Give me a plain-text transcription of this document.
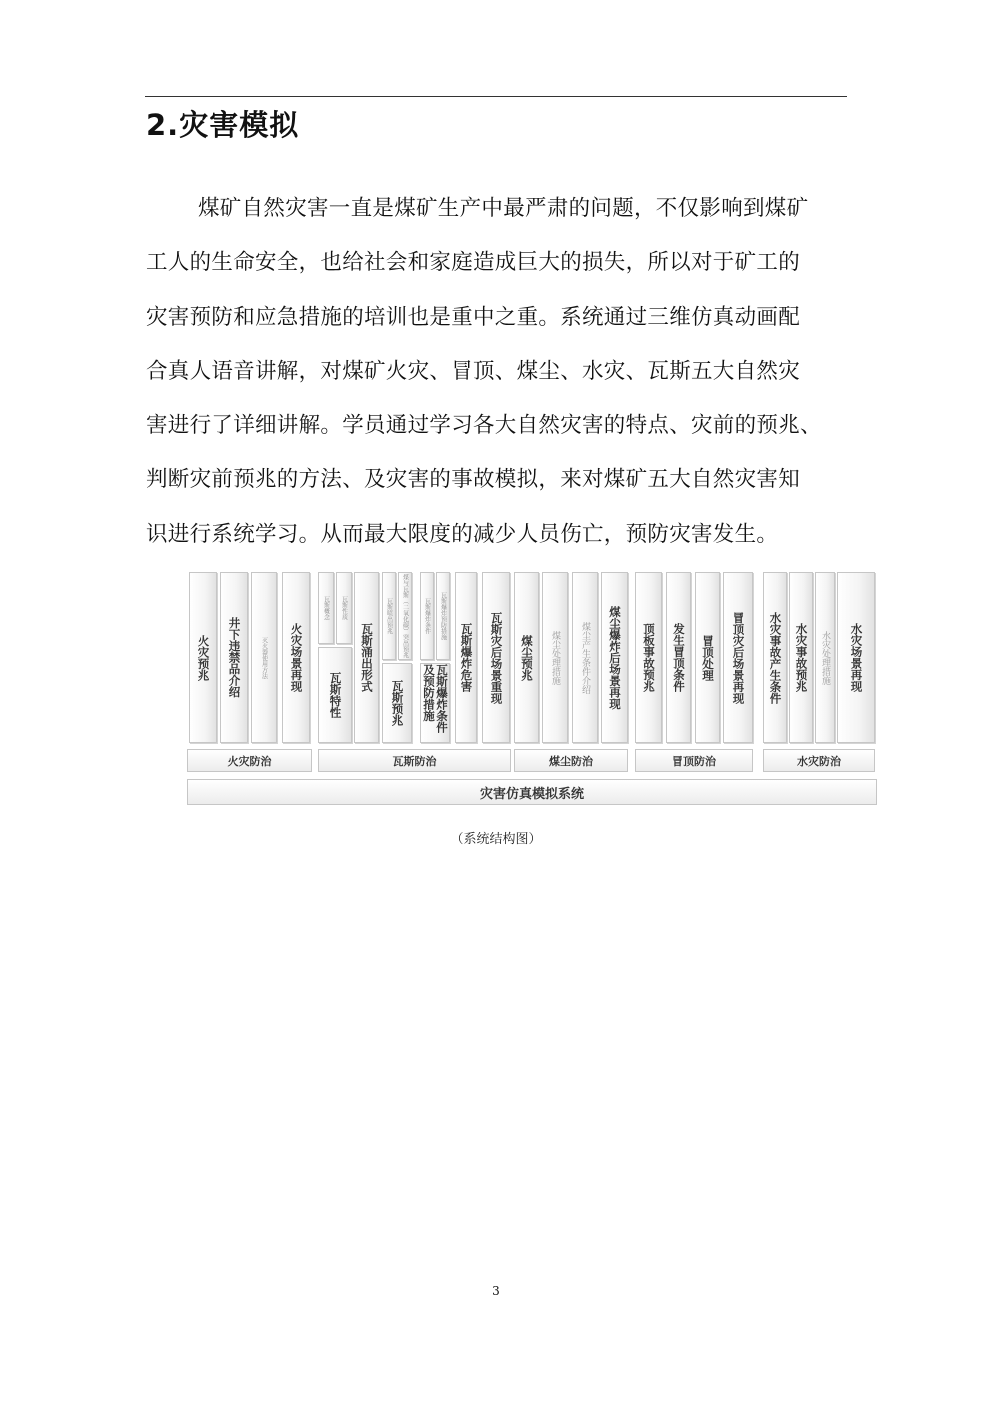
2.灾害模拟
煤矿自然灾害一直是煤矿生产中最严肃的问题，不仅影响到煤矿
工人的生命安全，也给社会和家庭造成巨大的损失，所以对于矿工的
灾害预防和应急措施的培训也是重中之重。系统通过三维仿真动画配
合真人语音讲解，对煤矿火灾、冒顶、煤尘、水灾、瓦斯五大自然灾
害进行了详细讲解。学员通过学习各大自然灾害的特点、灾前的预兆、
判断灾前预兆的方法、及灾害的事故模拟，来对煤矿五大自然灾害知
识进行系统学习。从而最大限度的减少人员伤亡，预防灾害发生。
火灾预兆 井下违禁品介绍	灭火器使用方法 火灾场景再现
瓦斯概念 瓦斯性质
瓦斯特性
瓦斯涌出形式
瓦斯喷出预兆 煤与瓦斯（二氧化碳）突出预兆
瓦斯预兆
瓦斯爆炸条件 瓦斯爆炸预防措施
瓦斯爆炸条件及预防措施
瓦斯爆炸危害 瓦斯灾后场景重现 煤尘预兆 煤尘处理措施 煤尘产生条件介绍 煤尘爆炸后场景再现 顶板事故预兆 发生冒顶条件 冒顶处理 冒顶灾后场景再现 水灾事故产生条件 水灾事故预兆 水灾处理措施 水灾场景再现
火灾防治	瓦斯防治	煤尘防治	冒顶防治	水灾防治
灾害仿真模拟系统
（系统结构图）
3
